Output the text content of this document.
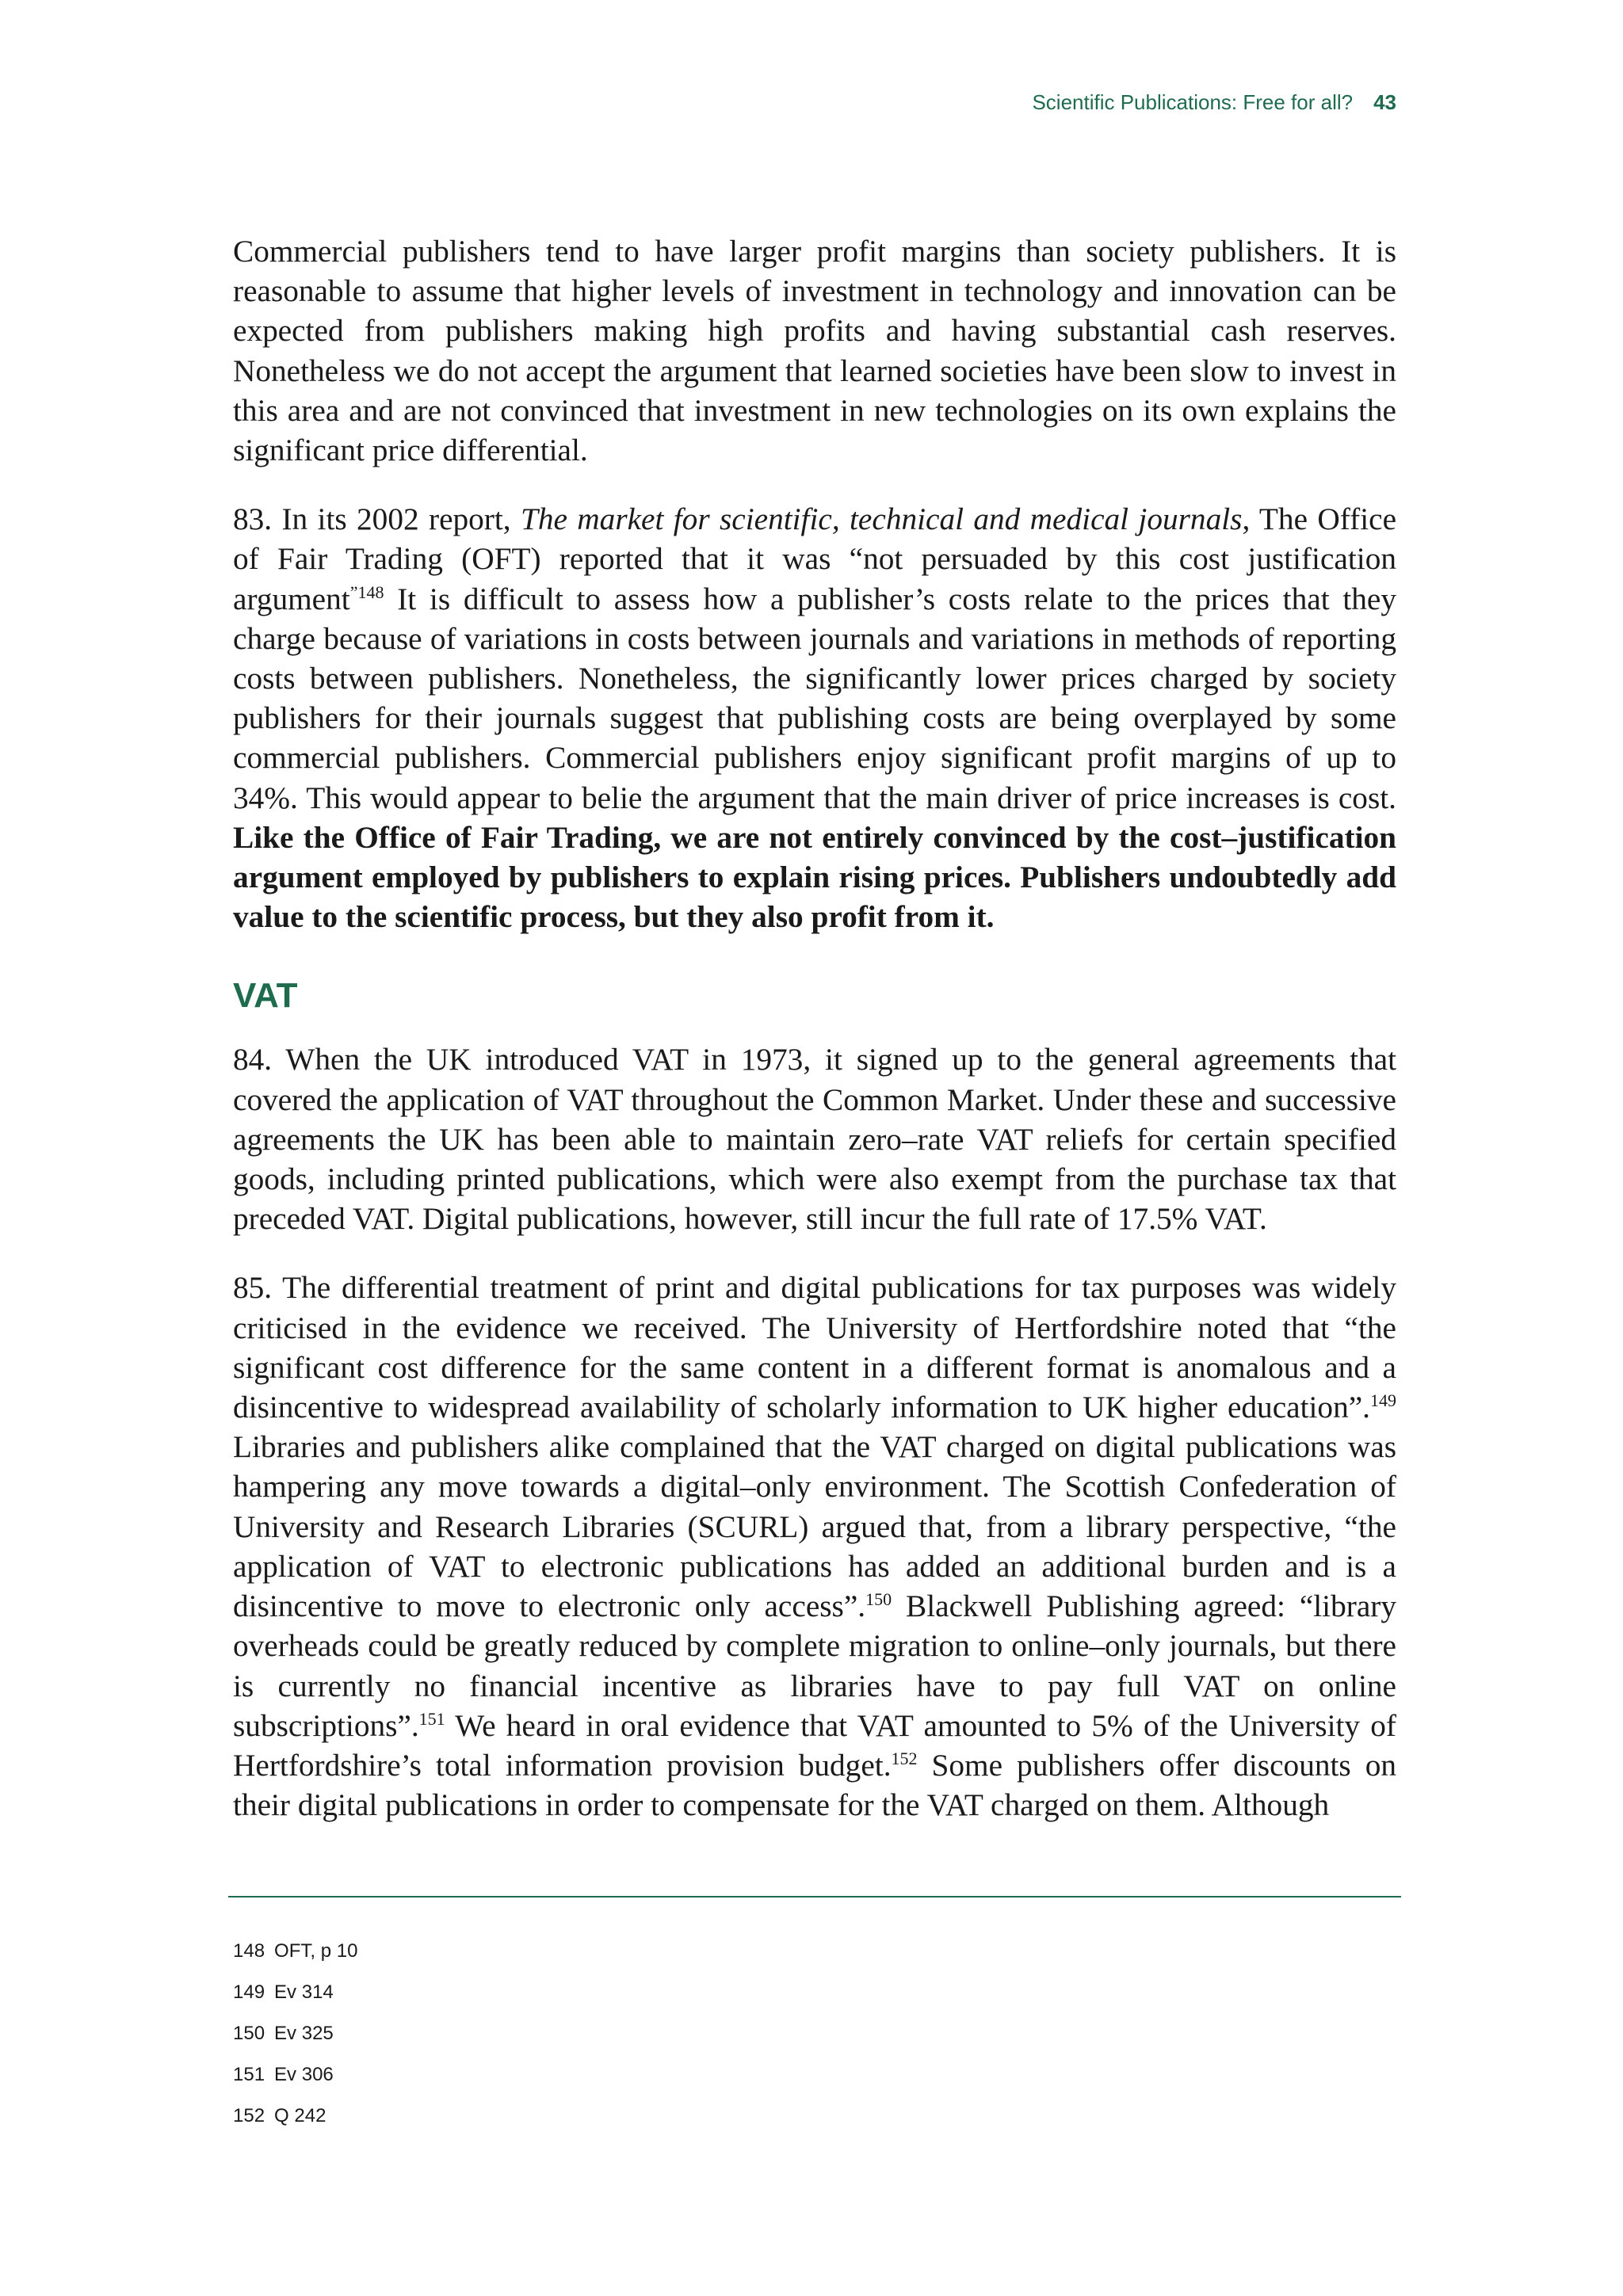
Scientific Publications: Free for all? 43

Commercial publishers tend to have larger profit margins than society publishers. It is reasonable to assume that higher levels of investment in technology and innovation can be expected from publishers making high profits and having substantial cash reserves. Nonetheless we do not accept the argument that learned societies have been slow to invest in this area and are not convinced that investment in new technologies on its own explains the significant price differential.

83. In its 2002 report, The market for scientific, technical and medical journals, The Office of Fair Trading (OFT) reported that it was “not persuaded by this cost justification argument$^{”148}$ It is difficult to assess how a publisher’s costs relate to the prices that they charge because of variations in costs between journals and variations in methods of reporting costs between publishers. Nonetheless, the significantly lower prices charged by society publishers for their journals suggest that publishing costs are being overplayed by some commercial publishers. Commercial publishers enjoy significant profit margins of up to 34%. This would appear to belie the argument that the main driver of price increases is cost. Like the Office of Fair Trading, we are not entirely convinced by the cost–justification argument employed by publishers to explain rising prices. Publishers undoubtedly add value to the scientific process, but they also profit from it.

VAT

84. When the UK introduced VAT in 1973, it signed up to the general agreements that covered the application of VAT throughout the Common Market. Under these and successive agreements the UK has been able to maintain zero–rate VAT reliefs for certain specified goods, including printed publications, which were also exempt from the purchase tax that preceded VAT. Digital publications, however, still incur the full rate of 17.5% VAT.

85. The differential treatment of print and digital publications for tax purposes was widely criticised in the evidence we received. The University of Hertfordshire noted that “the significant cost difference for the same content in a different format is anomalous and a disincentive to widespread availability of scholarly information to UK higher education”.$^{149}$ Libraries and publishers alike complained that the VAT charged on digital publications was hampering any move towards a digital–only environment. The Scottish Confederation of University and Research Libraries (SCURL) argued that, from a library perspective, “the application of VAT to electronic publications has added an additional burden and is a disincentive to move to electronic only access”.$^{150}$ Blackwell Publishing agreed: “library overheads could be greatly reduced by complete migration to online–only journals, but there is currently no financial incentive as libraries have to pay full VAT on online subscriptions”.$^{151}$ We heard in oral evidence that VAT amounted to 5% of the University of Hertfordshire’s total information provision budget.$^{152}$ Some publishers offer discounts on their digital publications in order to compensate for the VAT charged on them. Although

148 OFT, p 10
149 Ev 314
150 Ev 325
151 Ev 306
152 Q 242
